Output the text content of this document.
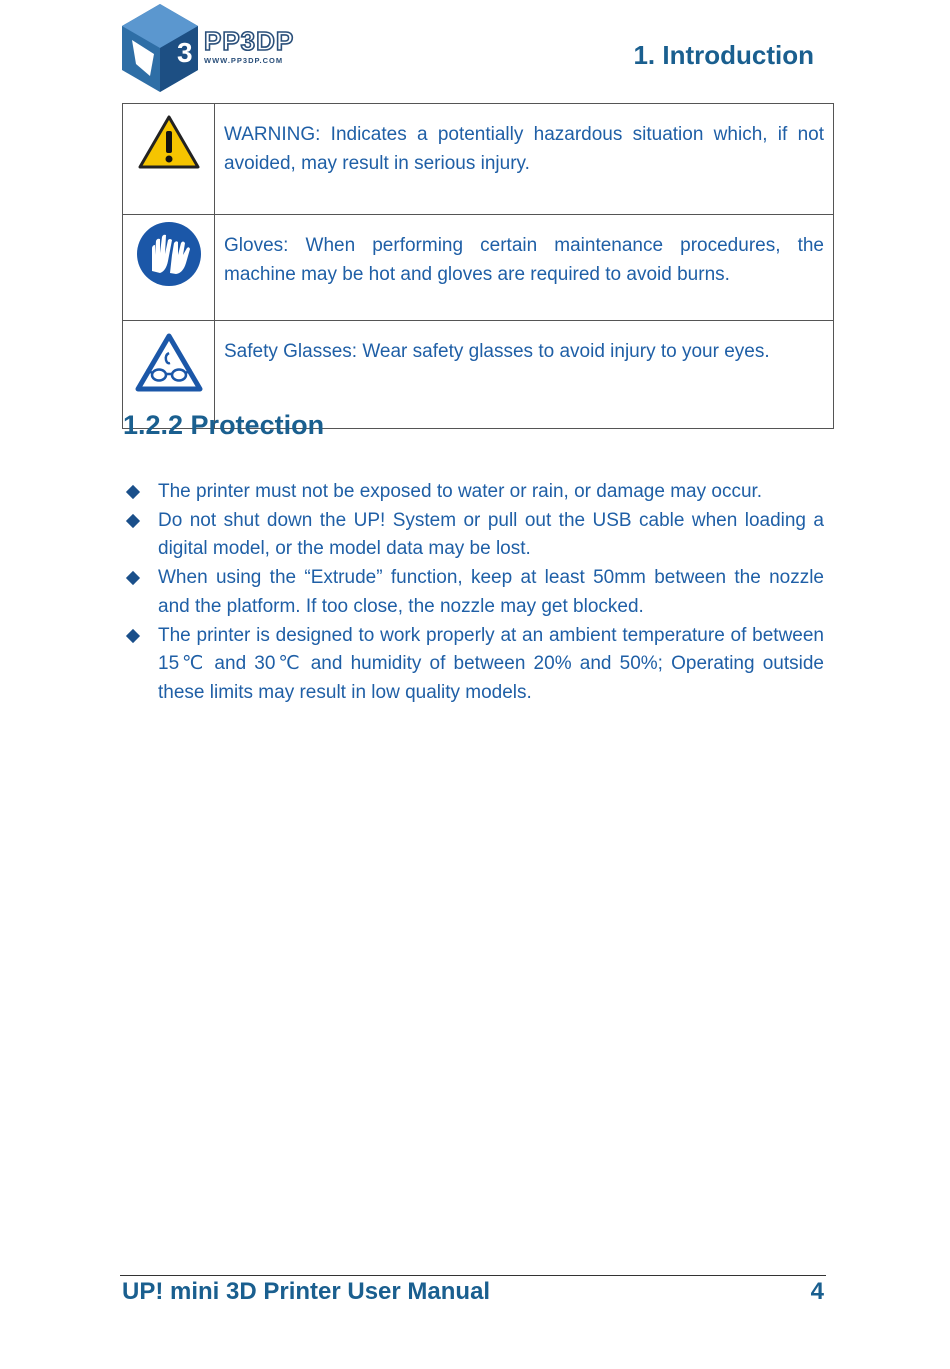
3 PP3DP
WWW.PP3DP.COM	1. Introduction
	WARNING: Indicates a potentially hazardous situation which, if not avoided, may result in serious injury.

	Gloves: When performing certain maintenance procedures, the machine may be hot and gloves are required to avoid burns.

	Safety Glasses: Wear safety glasses to avoid injury to your eyes.
1.2.2 Protection
The printer must not be exposed to water or rain, or damage may occur.
Do not shut down the UP! System or pull out the USB cable when loading a digital model, or the model data may be lost.
When using the “Extrude” function, keep at least 50mm between the nozzle and the platform. If too close, the nozzle may get blocked.
The printer is designed to work properly at an ambient temperature of between 15℃ and 30℃ and humidity of between 20% and 50%; Operating outside these limits may result in low quality models.
UP! mini 3D Printer User Manual	4
